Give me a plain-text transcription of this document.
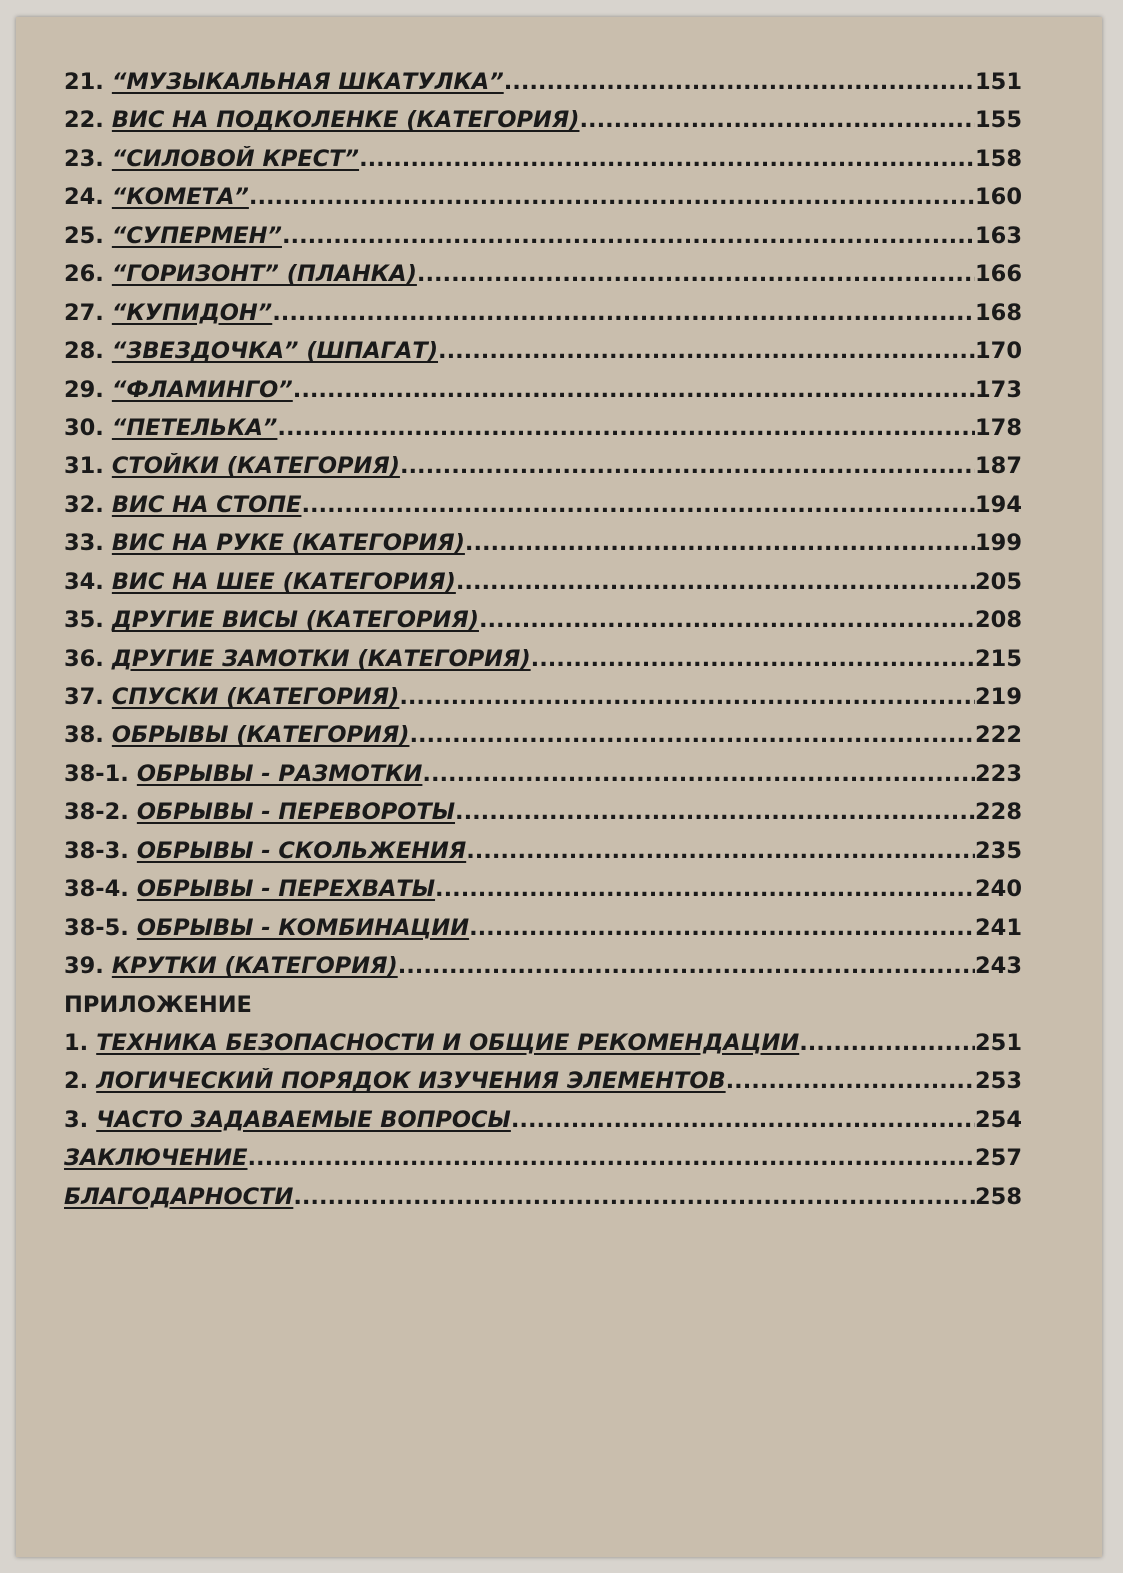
21. “МУЗЫКАЛЬНАЯ ШКАТУЛКА” .....	151
22. ВИС НА ПОДКОЛЕНКЕ (КАТЕГОРИЯ) .....	155
23. “СИЛОВОЙ КРЕСТ” .....	158
24. “КОМЕТА” .....	160
25. “СУПЕРМЕН” .....	163
26. “ГОРИЗОНТ” (ПЛАНКА) .....	166
27. “КУПИДОН” .....	168
28. “ЗВЕЗДОЧКА” (ШПАГАТ) .....	170
29. “ФЛАМИНГО” .....	173
30. “ПЕТЕЛЬКА” .....	178
31. СТОЙКИ (КАТЕГОРИЯ) .....	187
32. ВИС НА СТОПЕ .....	194
33. ВИС НА РУКЕ (КАТЕГОРИЯ) .....	199
34. ВИС НА ШЕЕ (КАТЕГОРИЯ) .....	205
35. ДРУГИЕ ВИСЫ (КАТЕГОРИЯ) .....	208
36. ДРУГИЕ ЗАМОТКИ (КАТЕГОРИЯ) .....	215
37. СПУСКИ (КАТЕГОРИЯ) .....	219
38. ОБРЫВЫ (КАТЕГОРИЯ) .....	222
38-1. ОБРЫВЫ - РАЗМОТКИ .....	223
38-2. ОБРЫВЫ - ПЕРЕВОРОТЫ .....	228
38-3. ОБРЫВЫ - СКОЛЬЖЕНИЯ .....	235
38-4. ОБРЫВЫ - ПЕРЕХВАТЫ .....	240
38-5. ОБРЫВЫ - КОМБИНАЦИИ .....	241
39. КРУТКИ (КАТЕГОРИЯ) .....	243
ПРИЛОЖЕНИЕ
1. ТЕХНИКА БЕЗОПАСНОСТИ И ОБЩИЕ РЕКОМЕНДАЦИИ .....	251
2. ЛОГИЧЕСКИЙ ПОРЯДОК ИЗУЧЕНИЯ ЭЛЕМЕНТОВ .....	253
3. ЧАСТО ЗАДАВАЕМЫЕ ВОПРОСЫ .....	254
ЗАКЛЮЧЕНИЕ .....	257
БЛАГОДАРНОСТИ .....	258
